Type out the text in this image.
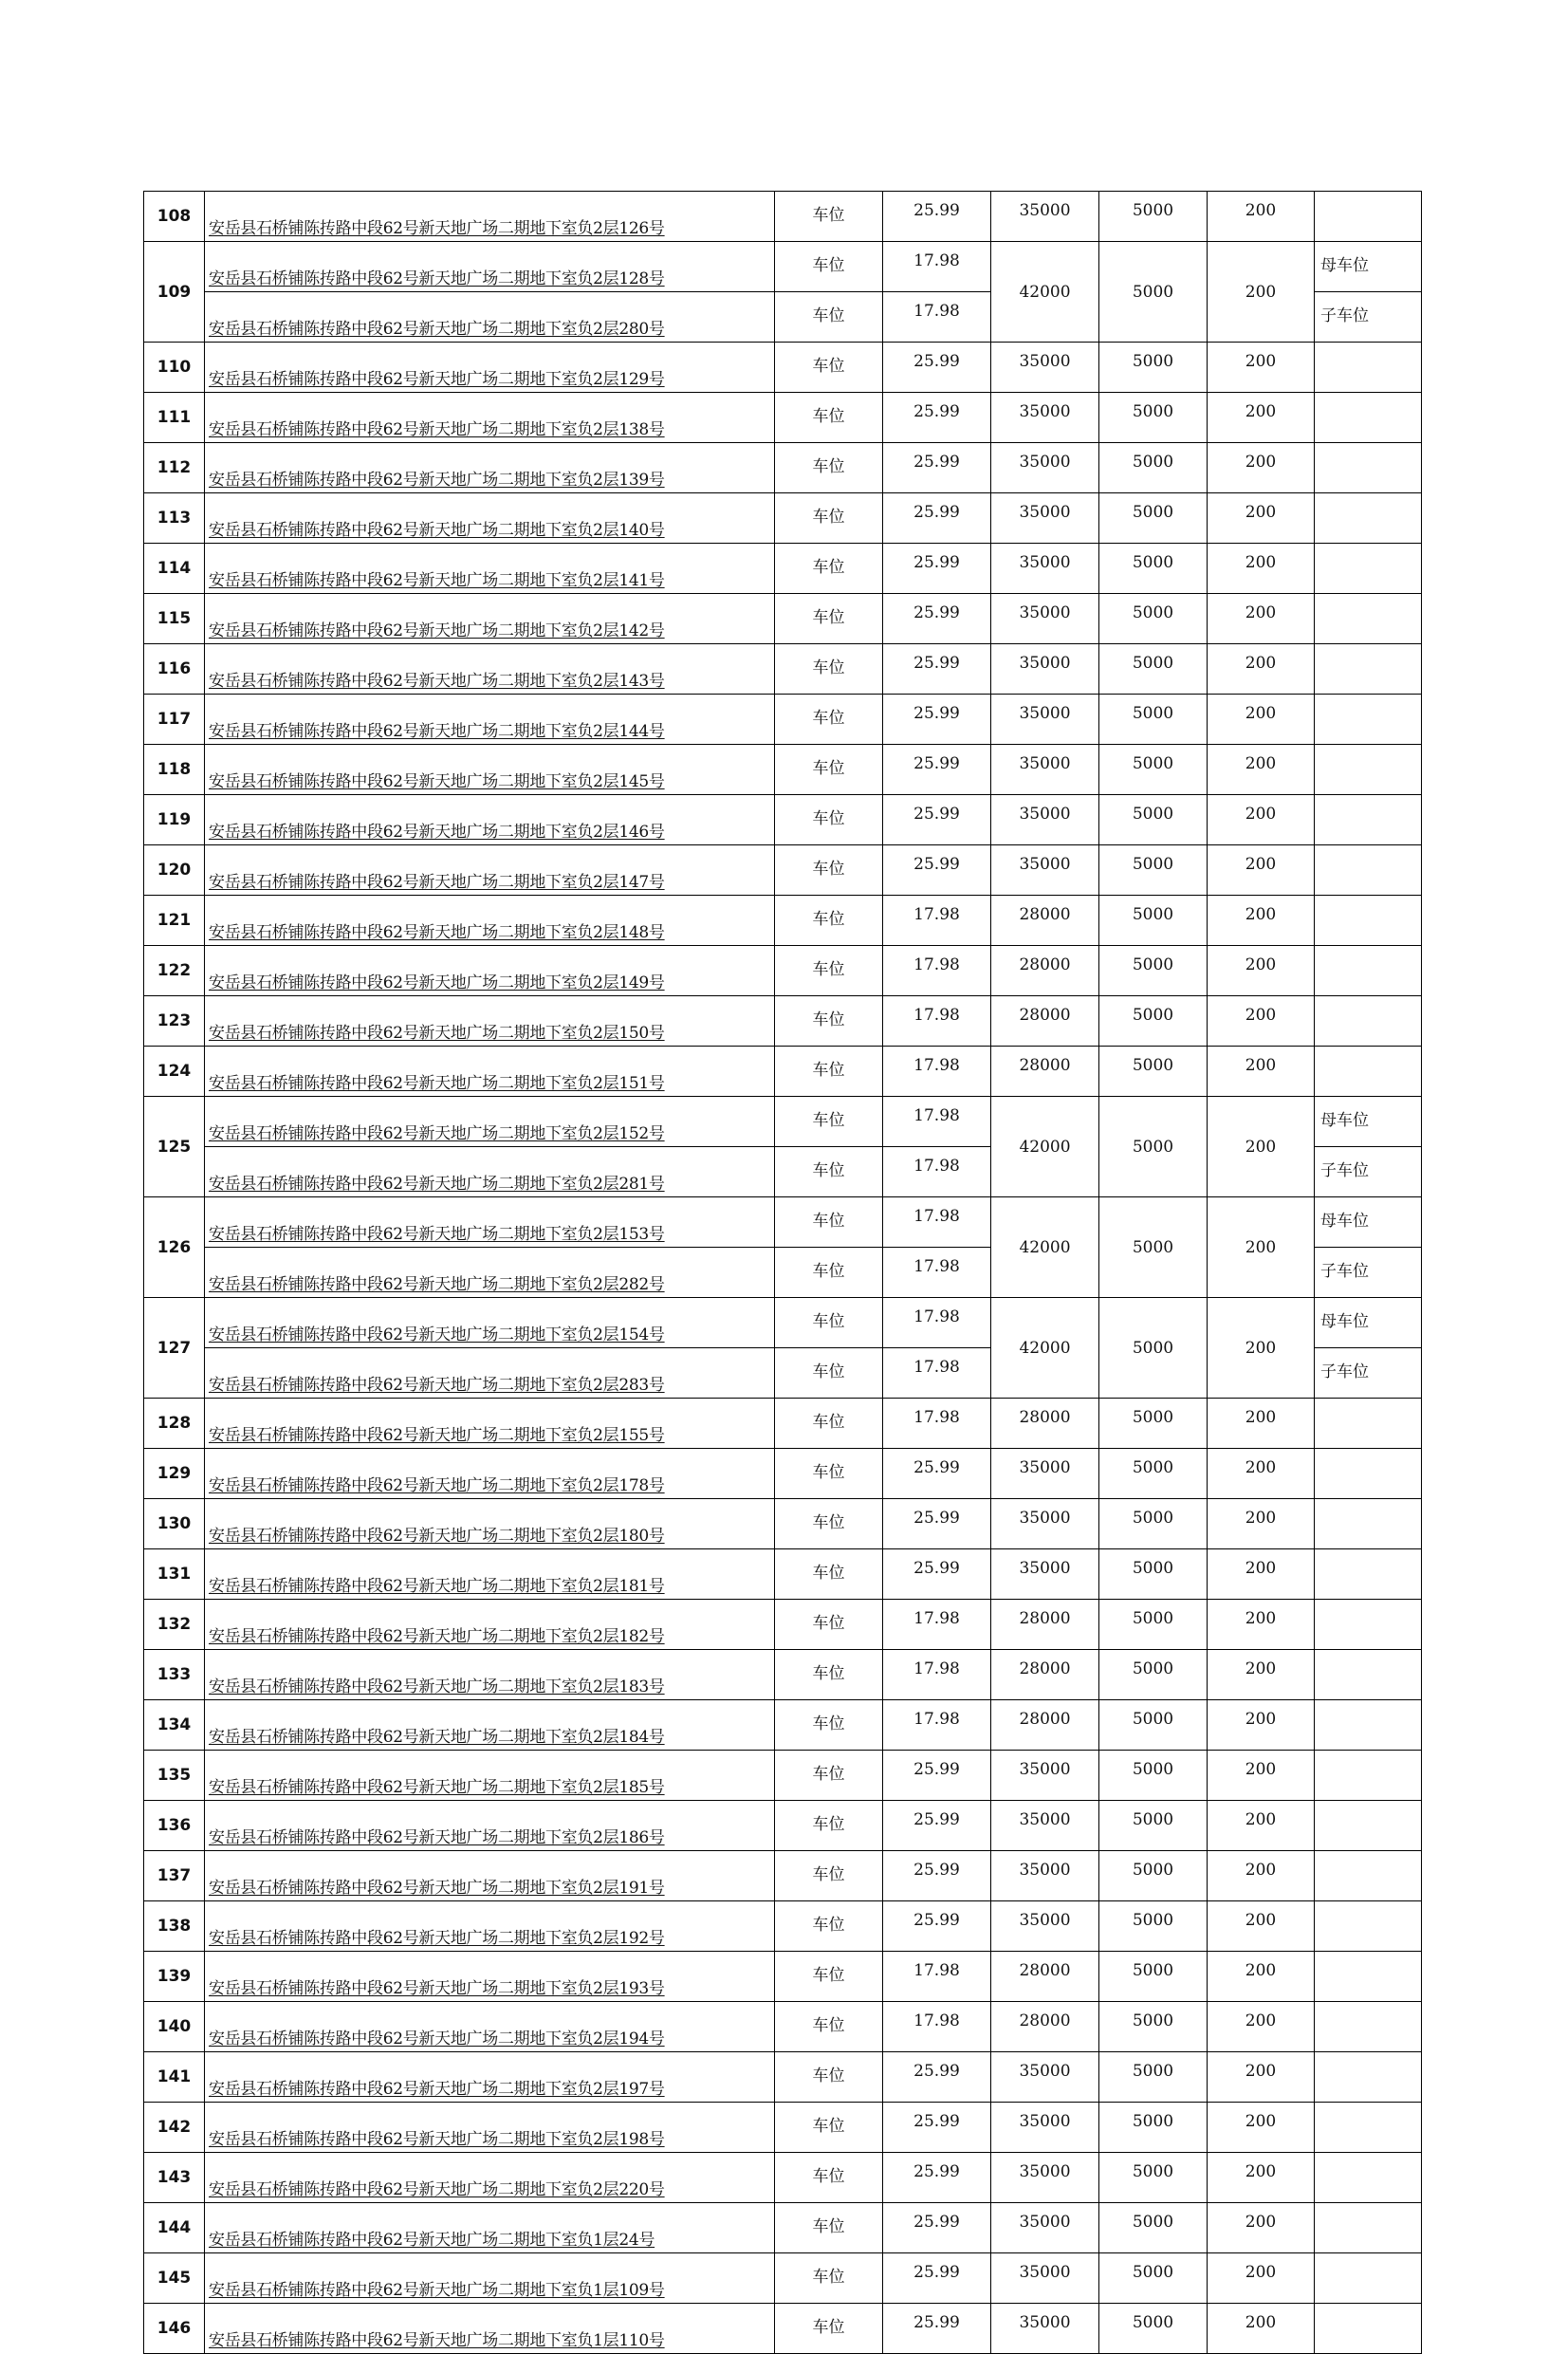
108	安岳县石桥铺陈抟路中段62号新天地广场二期地下室负2层126号	车位	25.99	35000	5000	200	
109	安岳县石桥铺陈抟路中段62号新天地广场二期地下室负2层128号	车位	17.98	42000	5000	200	母车位
	安岳县石桥铺陈抟路中段62号新天地广场二期地下室负2层280号	车位	17.98				子车位
110	安岳县石桥铺陈抟路中段62号新天地广场二期地下室负2层129号	车位	25.99	35000	5000	200	
111	安岳县石桥铺陈抟路中段62号新天地广场二期地下室负2层138号	车位	25.99	35000	5000	200	
112	安岳县石桥铺陈抟路中段62号新天地广场二期地下室负2层139号	车位	25.99	35000	5000	200	
113	安岳县石桥铺陈抟路中段62号新天地广场二期地下室负2层140号	车位	25.99	35000	5000	200	
114	安岳县石桥铺陈抟路中段62号新天地广场二期地下室负2层141号	车位	25.99	35000	5000	200	
115	安岳县石桥铺陈抟路中段62号新天地广场二期地下室负2层142号	车位	25.99	35000	5000	200	
116	安岳县石桥铺陈抟路中段62号新天地广场二期地下室负2层143号	车位	25.99	35000	5000	200	
117	安岳县石桥铺陈抟路中段62号新天地广场二期地下室负2层144号	车位	25.99	35000	5000	200	
118	安岳县石桥铺陈抟路中段62号新天地广场二期地下室负2层145号	车位	25.99	35000	5000	200	
119	安岳县石桥铺陈抟路中段62号新天地广场二期地下室负2层146号	车位	25.99	35000	5000	200	
120	安岳县石桥铺陈抟路中段62号新天地广场二期地下室负2层147号	车位	25.99	35000	5000	200	
121	安岳县石桥铺陈抟路中段62号新天地广场二期地下室负2层148号	车位	17.98	28000	5000	200	
122	安岳县石桥铺陈抟路中段62号新天地广场二期地下室负2层149号	车位	17.98	28000	5000	200	
123	安岳县石桥铺陈抟路中段62号新天地广场二期地下室负2层150号	车位	17.98	28000	5000	200	
124	安岳县石桥铺陈抟路中段62号新天地广场二期地下室负2层151号	车位	17.98	28000	5000	200	
125	安岳县石桥铺陈抟路中段62号新天地广场二期地下室负2层152号	车位	17.98	42000	5000	200	母车位
	安岳县石桥铺陈抟路中段62号新天地广场二期地下室负2层281号	车位	17.98				子车位
126	安岳县石桥铺陈抟路中段62号新天地广场二期地下室负2层153号	车位	17.98	42000	5000	200	母车位
	安岳县石桥铺陈抟路中段62号新天地广场二期地下室负2层282号	车位	17.98				子车位
127	安岳县石桥铺陈抟路中段62号新天地广场二期地下室负2层154号	车位	17.98	42000	5000	200	母车位
	安岳县石桥铺陈抟路中段62号新天地广场二期地下室负2层283号	车位	17.98				子车位
128	安岳县石桥铺陈抟路中段62号新天地广场二期地下室负2层155号	车位	17.98	28000	5000	200	
129	安岳县石桥铺陈抟路中段62号新天地广场二期地下室负2层178号	车位	25.99	35000	5000	200	
130	安岳县石桥铺陈抟路中段62号新天地广场二期地下室负2层180号	车位	25.99	35000	5000	200	
131	安岳县石桥铺陈抟路中段62号新天地广场二期地下室负2层181号	车位	25.99	35000	5000	200	
132	安岳县石桥铺陈抟路中段62号新天地广场二期地下室负2层182号	车位	17.98	28000	5000	200	
133	安岳县石桥铺陈抟路中段62号新天地广场二期地下室负2层183号	车位	17.98	28000	5000	200	
134	安岳县石桥铺陈抟路中段62号新天地广场二期地下室负2层184号	车位	17.98	28000	5000	200	
135	安岳县石桥铺陈抟路中段62号新天地广场二期地下室负2层185号	车位	25.99	35000	5000	200	
136	安岳县石桥铺陈抟路中段62号新天地广场二期地下室负2层186号	车位	25.99	35000	5000	200	
137	安岳县石桥铺陈抟路中段62号新天地广场二期地下室负2层191号	车位	25.99	35000	5000	200	
138	安岳县石桥铺陈抟路中段62号新天地广场二期地下室负2层192号	车位	25.99	35000	5000	200	
139	安岳县石桥铺陈抟路中段62号新天地广场二期地下室负2层193号	车位	17.98	28000	5000	200	
140	安岳县石桥铺陈抟路中段62号新天地广场二期地下室负2层194号	车位	17.98	28000	5000	200	
141	安岳县石桥铺陈抟路中段62号新天地广场二期地下室负2层197号	车位	25.99	35000	5000	200	
142	安岳县石桥铺陈抟路中段62号新天地广场二期地下室负2层198号	车位	25.99	35000	5000	200	
143	安岳县石桥铺陈抟路中段62号新天地广场二期地下室负2层220号	车位	25.99	35000	5000	200	
144	安岳县石桥铺陈抟路中段62号新天地广场二期地下室负1层24号	车位	25.99	35000	5000	200	
145	安岳县石桥铺陈抟路中段62号新天地广场二期地下室负1层109号	车位	25.99	35000	5000	200	
146	安岳县石桥铺陈抟路中段62号新天地广场二期地下室负1层110号	车位	25.99	35000	5000	200	
